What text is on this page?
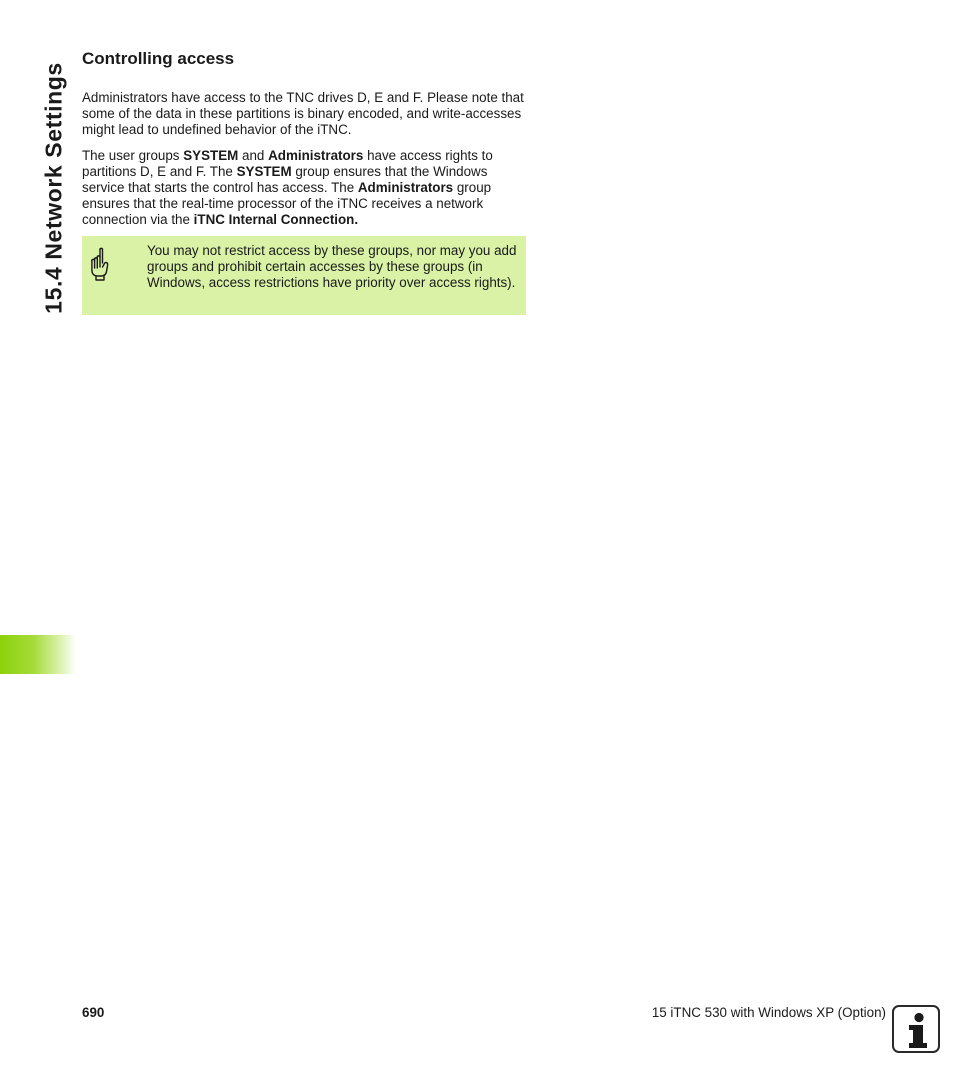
15.4 Network Settings
Controlling access

Administrators have access to the TNC drives D, E and F. Please note that some of the data in these partitions is binary encoded, and write-accesses might lead to undefined behavior of the iTNC.

The user groups SYSTEM and Administrators have access rights to partitions D, E and F. The SYSTEM group ensures that the Windows service that starts the control has access. The Administrators group ensures that the real-time processor of the iTNC receives a network connection via the iTNC Internal Connection.

You may not restrict access by these groups, nor may you add groups and prohibit certain accesses by these groups (in Windows, access restrictions have priority over access rights).

690	15 iTNC 530 with Windows XP (Option)
